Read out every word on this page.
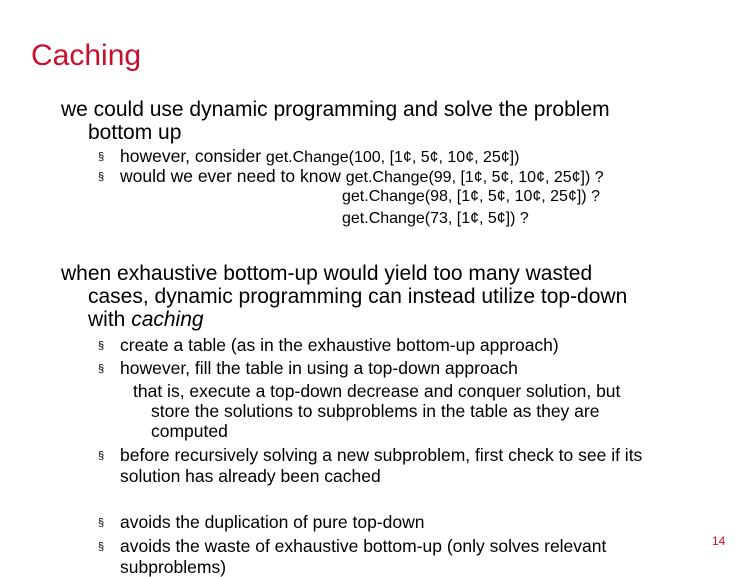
Caching
we could use dynamic programming and solve the problem
bottom up
§ however, consider get.Change(100, [1¢, 5¢, 10¢, 25¢])
§ would we ever need to know get.Change(99, [1¢, 5¢, 10¢, 25¢]) ?
get.Change(98, [1¢, 5¢, 10¢, 25¢]) ?
get.Change(73, [1¢, 5¢]) ?
when exhaustive bottom-up would yield too many wasted
cases, dynamic programming can instead utilize top-down
with caching
§ create a table (as in the exhaustive bottom-up approach)
§ however, fill the table in using a top-down approach
that is, execute a top-down decrease and conquer solution, but
store the solutions to subproblems in the table as they are
computed
§ before recursively solving a new subproblem, first check to see if its
solution has already been cached
§ avoids the duplication of pure top-down
§ avoids the waste of exhaustive bottom-up (only solves relevant
subproblems)
14
